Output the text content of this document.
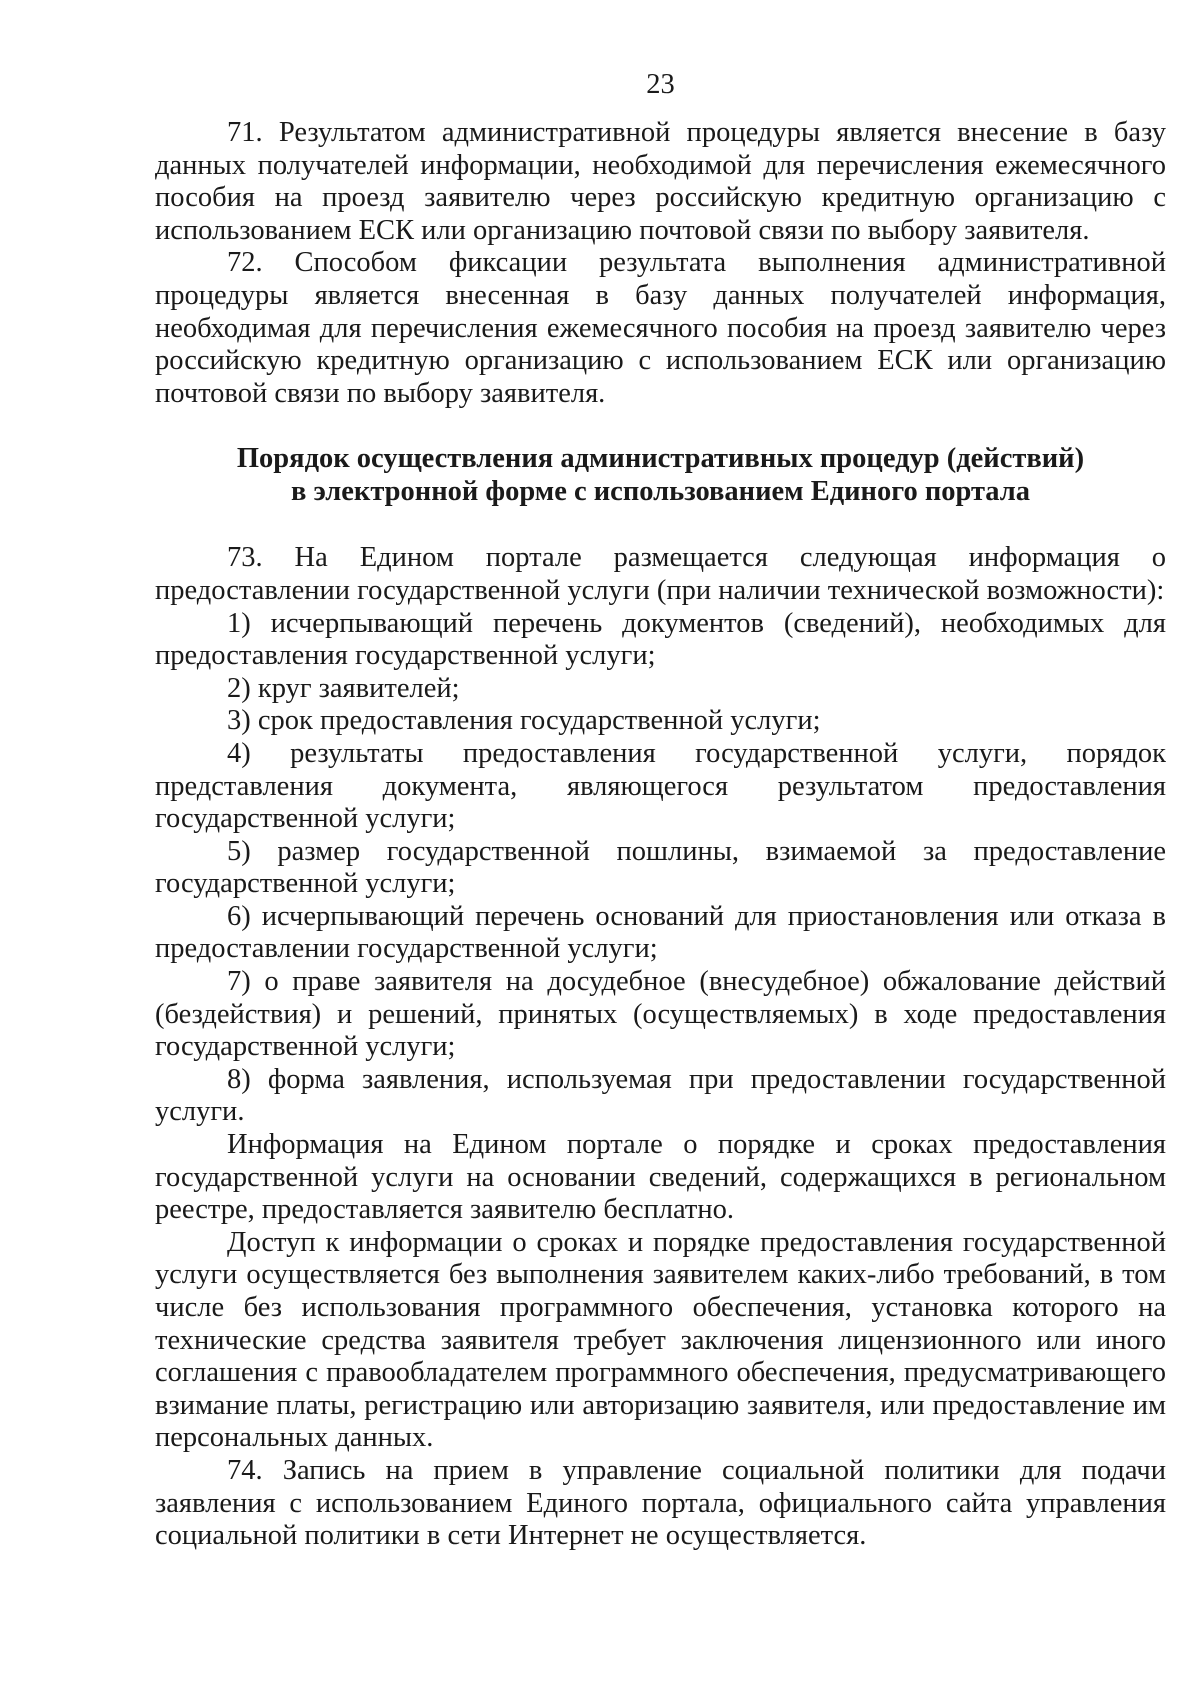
23

71. Результатом административной процедуры является внесение в базу данных получателей информации, необходимой для перечисления ежемесячного пособия на проезд заявителю через российскую кредитную организацию с использованием ЕСК или организацию почтовой связи по выбору заявителя.

72. Способом фиксации результата выполнения административной процедуры является внесенная в базу данных получателей информация, необходимая для перечисления ежемесячного пособия на проезд заявителю через российскую кредитную организацию с использованием ЕСК или организацию почтовой связи по выбору заявителя.

Порядок осуществления административных процедур (действий)
в электронной форме с использованием Единого портала

73. На Едином портале размещается следующая информация о предоставлении государственной услуги (при наличии технической возможности):

1) исчерпывающий перечень документов (сведений), необходимых для предоставления государственной услуги;

2) круг заявителей;

3) срок предоставления государственной услуги;

4) результаты предоставления государственной услуги, порядок представления документа, являющегося результатом предоставления государственной услуги;

5) размер государственной пошлины, взимаемой за предоставление государственной услуги;

6) исчерпывающий перечень оснований для приостановления или отказа в предоставлении государственной услуги;

7) о праве заявителя на досудебное (внесудебное) обжалование действий (бездействия) и решений, принятых (осуществляемых) в ходе предоставления государственной услуги;

8) форма заявления, используемая при предоставлении государственной услуги.

Информация на Едином портале о порядке и сроках предоставления государственной услуги на основании сведений, содержащихся в региональном реестре, предоставляется заявителю бесплатно.

Доступ к информации о сроках и порядке предоставления государственной услуги осуществляется без выполнения заявителем каких-либо требований, в том числе без использования программного обеспечения, установка которого на технические средства заявителя требует заключения лицензионного или иного соглашения с правообладателем программного обеспечения, предусматривающего взимание платы, регистрацию или авторизацию заявителя, или предоставление им персональных данных.

74. Запись на прием в управление социальной политики для подачи заявления с использованием Единого портала, официального сайта управления социальной политики в сети Интернет не осуществляется.
